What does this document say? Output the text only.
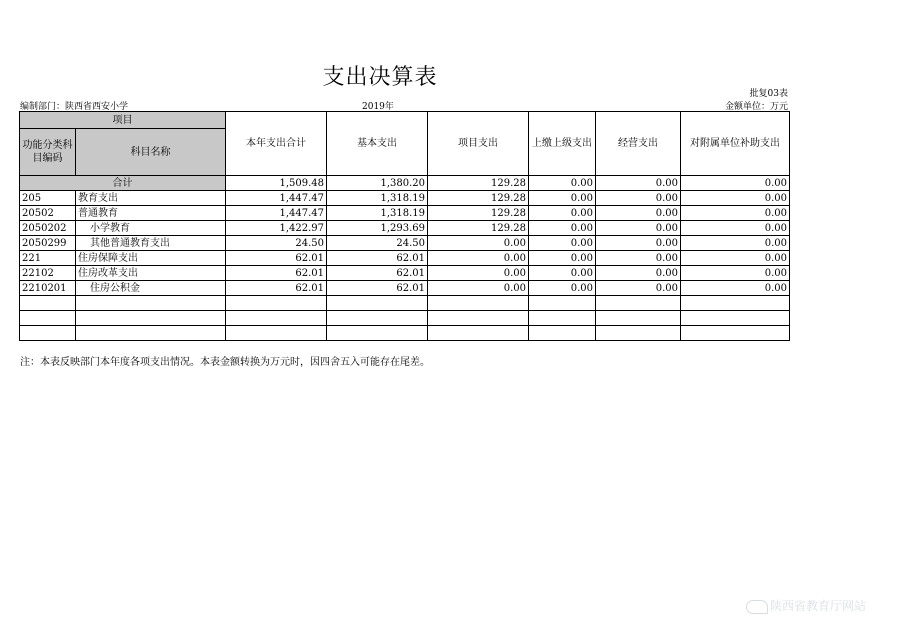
支出决算表
批复03表
编制部门：陕西省西安小学	2019年	金额单位：万元
项目		本年支出合计	基本支出	项目支出	上缴上级支出	经营支出	对附属单位补助支出
功能分类科目编码	科目名称						
合计		1,509.48	1,380.20	129.28	0.00	0.00	0.00
205	教育支出	1,447.47	1,318.19	129.28	0.00	0.00	0.00
20502	普通教育	1,447.47	1,318.19	129.28	0.00	0.00	0.00
2050202	小学教育	1,422.97	1,293.69	129.28	0.00	0.00	0.00
2050299	其他普通教育支出	24.50	24.50	0.00	0.00	0.00	0.00
221	住房保障支出	62.01	62.01	0.00	0.00	0.00	0.00
22102	住房改革支出	62.01	62.01	0.00	0.00	0.00	0.00
2210201	住房公积金	62.01	62.01	0.00	0.00	0.00	0.00

注：本表反映部门本年度各项支出情况。本表金额转换为万元时，因四舍五入可能存在尾差。
陕西省教育厅网站
